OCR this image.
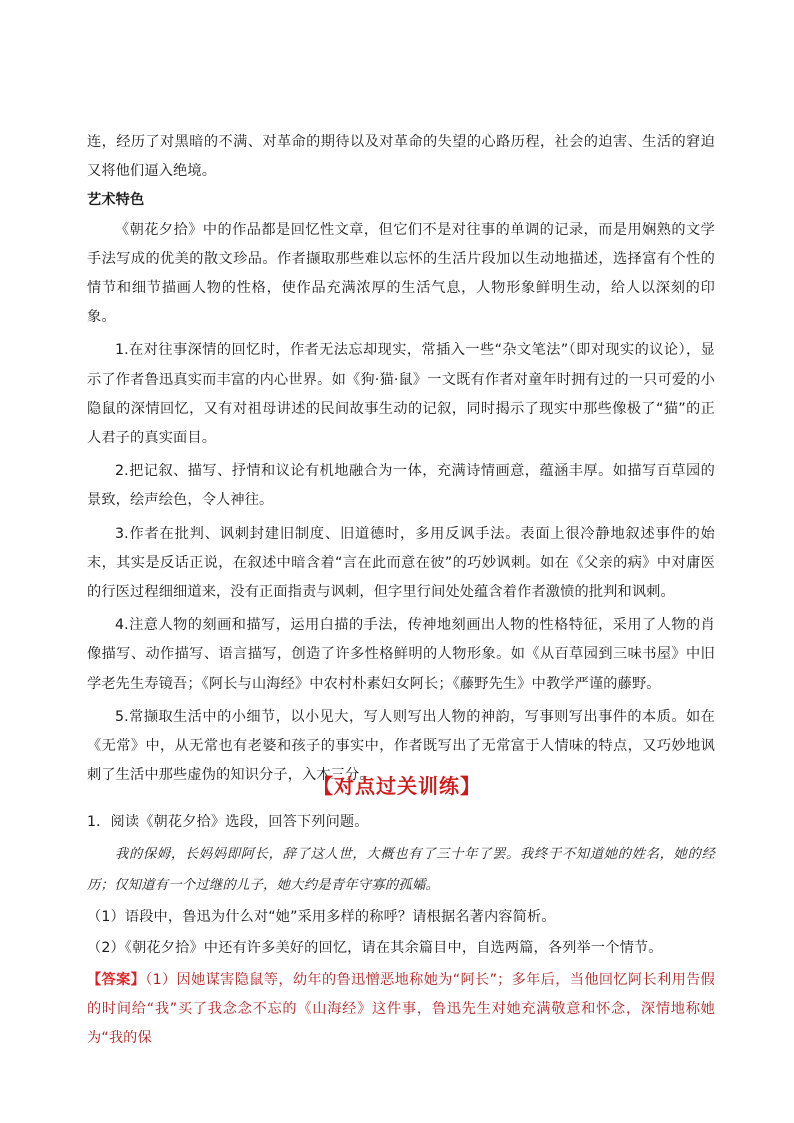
连，经历了对黑暗的不满、对革命的期待以及对革命的失望的心路历程，社会的迫害、生活的窘迫又将他们逼入绝境。

艺术特色

《朝花夕拾》中的作品都是回忆性文章，但它们不是对往事的单调的记录，而是用娴熟的文学手法写成的优美的散文珍品。作者撷取那些难以忘怀的生活片段加以生动地描述，选择富有个性的情节和细节描画人物的性格，使作品充满浓厚的生活气息，人物形象鲜明生动，给人以深刻的印象。

1.在对往事深情的回忆时，作者无法忘却现实，常插入一些“杂文笔法”（即对现实的议论），显示了作者鲁迅真实而丰富的内心世界。如《狗·猫·鼠》一文既有作者对童年时拥有过的一只可爱的小隐鼠的深情回忆，又有对祖母讲述的民间故事生动的记叙，同时揭示了现实中那些像极了“猫”的正人君子的真实面目。

2.把记叙、描写、抒情和议论有机地融合为一体，充满诗情画意，蕴涵丰厚。如描写百草园的景致，绘声绘色，令人神往。

3.作者在批判、讽刺封建旧制度、旧道德时，多用反讽手法。表面上很冷静地叙述事件的始末，其实是反话正说，在叙述中暗含着“言在此而意在彼”的巧妙讽刺。如在《父亲的病》中对庸医的行医过程细细道来，没有正面指责与讽刺，但字里行间处处蕴含着作者激愤的批判和讽刺。

4.注意人物的刻画和描写，运用白描的手法，传神地刻画出人物的性格特征，采用了人物的肖像描写、动作描写、语言描写，创造了许多性格鲜明的人物形象。如《从百草园到三味书屋》中旧学老先生寿镜吾；《阿长与山海经》中农村朴素妇女阿长；《藤野先生》中教学严谨的藤野。

5.常撷取生活中的小细节，以小见大，写人则写出人物的神韵，写事则写出事件的本质。如在《无常》中，从无常也有老婆和孩子的事实中，作者既写出了无常富于人情味的特点，又巧妙地讽刺了生活中那些虚伪的知识分子，入木三分。

【对点过关训练】

1．阅读《朝花夕拾》选段，回答下列问题。

我的保姆，长妈妈即阿长，辞了这人世，大概也有了三十年了罢。我终于不知道她的姓名，她的经历；仅知道有一个过继的儿子，她大约是青年守寡的孤孀。

（1）语段中，鲁迅为什么对“她”采用多样的称呼？请根据名著内容简析。

（2）《朝花夕拾》中还有许多美好的回忆，请在其余篇目中，自选两篇，各列举一个情节。

【答案】（1）因她谋害隐鼠等，幼年的鲁迅憎恶地称她为“阿长”；多年后，当他回忆阿长利用告假的时间给“我”买了我念念不忘的《山海经》这件事，鲁迅先生对她充满敬意和怀念，深情地称她为“我的保
